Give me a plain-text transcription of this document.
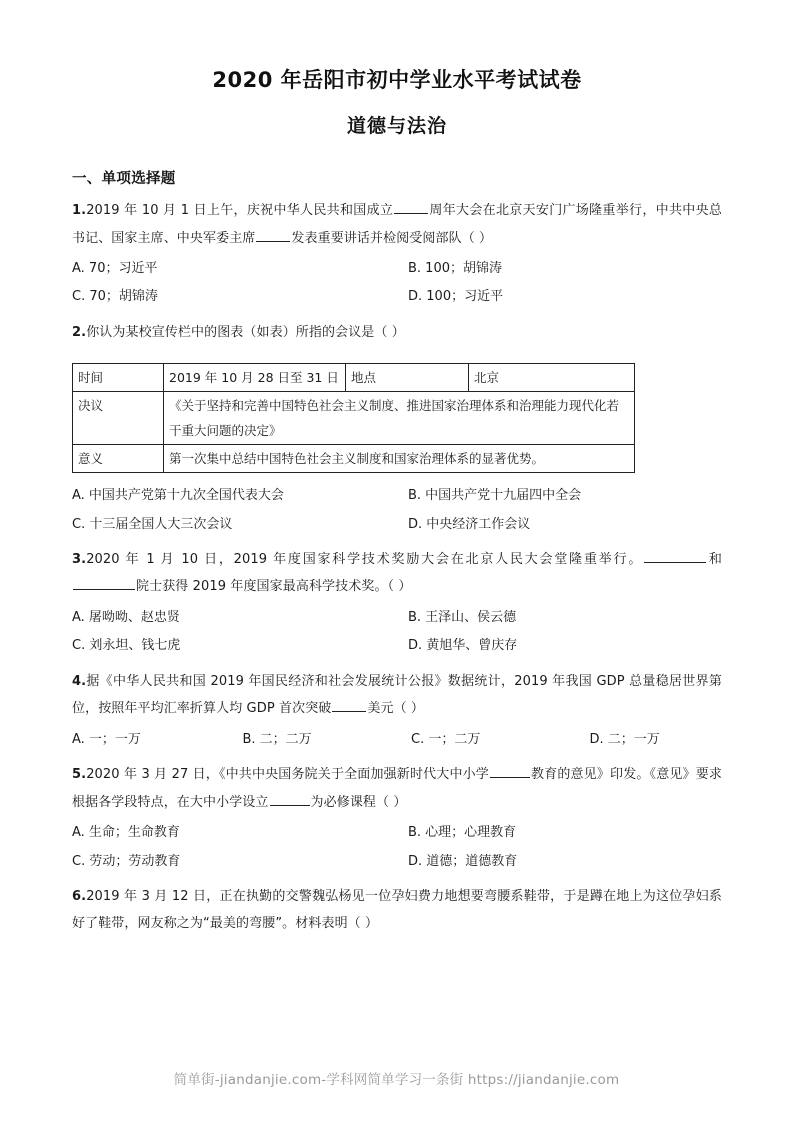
2020 年岳阳市初中学业水平考试试卷
道德与法治
一、单项选择题

1.2019 年 10 月 1 日上午，庆祝中华人民共和国成立	周年大会在北京天安门广场隆重举行，中共中央总书记、国家主席、中央军委主席	发表重要讲话并检阅受阅部队（ ）

A. 70；习近平	B. 100；胡锦涛
C. 70；胡锦涛	D. 100；习近平

2.你认为某校宣传栏中的图表（如表）所指的会议是（ ）

时间	2019 年 10 月 28 日至 31 日	地点	北京
决议	《关于坚持和完善中国特色社会主义制度、推进国家治理体系和治理能力现代化若干重大问题的决定》		
意义	第一次集中总结中国特色社会主义制度和国家治理体系的显著优势。		
A. 中国共产党第十九次全国代表大会	B. 中国共产党十九届四中全会
C. 十三届全国人大三次会议	D. 中央经济工作会议

3.2020 年 1 月 10 日，2019 年度国家科学技术奖励大会在北京人民大会堂隆重举行。	和院士获得 2019 年度国家最高科学技术奖。（ ）

A. 屠呦呦、赵忠贤	B. 王泽山、侯云德
C. 刘永坦、钱七虎	D. 黄旭华、曾庆存

4.据《中华人民共和国 2019 年国民经济和社会发展统计公报》数据统计，2019 年我国 GDP 总量稳居世界第位，按照年平均汇率折算人均 GDP 首次突破	美元（ ）

A. 一；一万	B. 二；二万	C. 一；二万	D. 二；一万

5.2020 年 3 月 27 日，《中共中央国务院关于全面加强新时代大中小学	教育的意见》印发。《意见》要求根据各学段特点，在大中小学设立	为必修课程（ ）

A. 生命；生命教育	B. 心理；心理教育
C. 劳动；劳动教育	D. 道德；道德教育

6.2019 年 3 月 12 日，正在执勤的交警魏弘杨见一位孕妇费力地想要弯腰系鞋带，于是蹲在地上为这位孕妇系好了鞋带，网友称之为“最美的弯腰”。材料表明（ ）

简单街-jiandanjie.com-学科网简单学习一条街 https://jiandanjie.com
